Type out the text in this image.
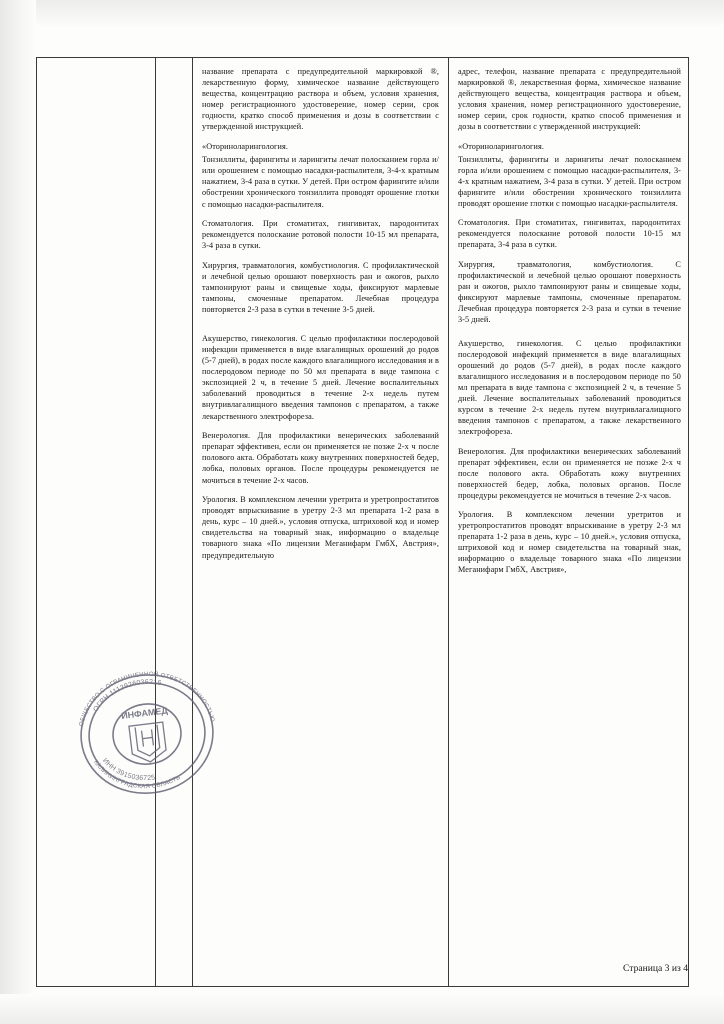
название препарата с предупредительной маркировкой ®, лекарственную форму, химическое название действующего вещества, концентрацию раствора и объем, условия хранения, номер регистрационного удостоверение, номер серии, срок годности, кратко способ применения и дозы в соответствии с утвержденной инструкцией.

«Оториноларингология.

Тонзиллиты, фарингиты и ларингиты лечат полосканием горла и/или орошением с помощью насадки-распылителя, 3-4-х кратным нажатием, 3-4 раза в сутки. У детей. При остром фарингите и/или обострении хронического тонзиллита проводят орошение глотки с помощью насадки-распылителя.

Стоматология. При стоматитах, гингивитах, пародонтитах рекомендуется полоскание ротовой полости 10-15 мл препарата, 3-4 раза в сутки.

Хирургия, травматология, комбустиология. С профилактической и лечебной целью орошают поверхность ран и ожогов, рыхло тампонируют раны и свищевые ходы, фиксируют марлевые тампоны, смоченные препаратом. Лечебная процедура повторяется 2-3 раза в сутки в течение 3-5 дней.

Акушерство, гинекология. С целью профилактики послеродовой инфекции применяется в виде влагалищных орошений до родов (5-7 дней), в родах после каждого влагалищного исследования и в послеродовом периоде по 50 мл препарата в виде тампона с экспозицией 2 ч, в течение 5 дней. Лечение воспалительных заболеваний проводиться в течение 2-х недель путем внутривлагалищного введения тампонов с препаратом, а также лекарственного электрофореза.

Венерология. Для профилактики венерических заболеваний препарат эффективен, если он применяется не позже 2-х ч после полового акта. Обработать кожу внутренних поверхностей бедер, лобка, половых органов. После процедуры рекомендуется не мочиться в течение 2-х часов.

Урология. В комплексном лечении уретрита и уретропростатитов проводят впрыскивание в уретру 2-3 мл препарата 1-2 раза в день, курс – 10 дней.», условия отпуска, штриховой код и номер свидетельства на товарный знак, информацию о владельце товарного знака «По лицензии Меганифарм ГмбХ, Австрия», предупредительную

адрес, телефон, название препарата с предупредительной маркировкой ®, лекарственная форма, химическое название действующего вещества, концентрация раствора и объем, условия хранения, номер регистрационного удостоверение, номер серии, срок годности, кратко способ применения и дозы в соответствии с утвержденной инструкцией:

«Оториноларингология.

Тонзиллиты, фарингиты и ларингиты лечат полосканием горла и/или орошением с помощью насадки-распылителя, 3-4-х кратным нажатием, 3-4 раза в сутки. У детей. При остром фарингите и/или обострении хронического тонзиллита проводят орошение глотки с помощью насадки-распылителя.

Стоматология. При стоматитах, гингивитах, пародонтитах рекомендуется полоскание ротовой полости 10-15 мл препарата, 3-4 раза в сутки.

Хирургия, травматология, комбустиология. С профилактической и лечебной целью орошают поверхность ран и ожогов, рыхло тампонируют раны и свищевые ходы, фиксируют марлевые тампоны, смоченные препаратом. Лечебная процедура повторяется 2-3 раза и сутки в течение 3-5 дней.

Акушерство, гинекология. С целью профилактики послеродовой инфекций применяется в виде влагалищных орошений до родов (5-7 дней), в родах после каждого влагалищного исследования и в послеродовом периоде по 50 мл препарата в виде тампона с экспозицией 2 ч, в течение 5 дней. Лечение воспалительных заболеваний проводиться курсом в течение 2-х недель путем внутривлагалищного введения тампонов с препаратом, а также лекарственного электрофореза.

Венерология. Для профилактики венерических заболеваний препарат эффективен, если он применяется не позже 2-х ч после полового акта. Обработать кожу внутренних поверхностей бедер, лобка, половых органов. После процедуры рекомендуется не мочиться в течение 2-х часов.

Урология. В комплексном лечении уретритов и уретропростатитов проводят впрыскивание в уретру 2-3 мл препарата 1-2 раза в день, курс – 10 дней.», условия отпуска, штриховой код и номер свидетельства на товарный знак, информацию о владельце товарного знака «По лицензии Меганифарм ГмбХ, Австрия»,

ОБЩЕСТВО С ОГРАНИЧЕННОЙ ОТВЕТСТВЕННОСТЬЮ
ОГРН 1113926036216
КАЛИНИНГРАДСКАЯ ОБЛАСТЬ
ИНН 3915036725
ИНФАМЕД
Страница 3 из 4
